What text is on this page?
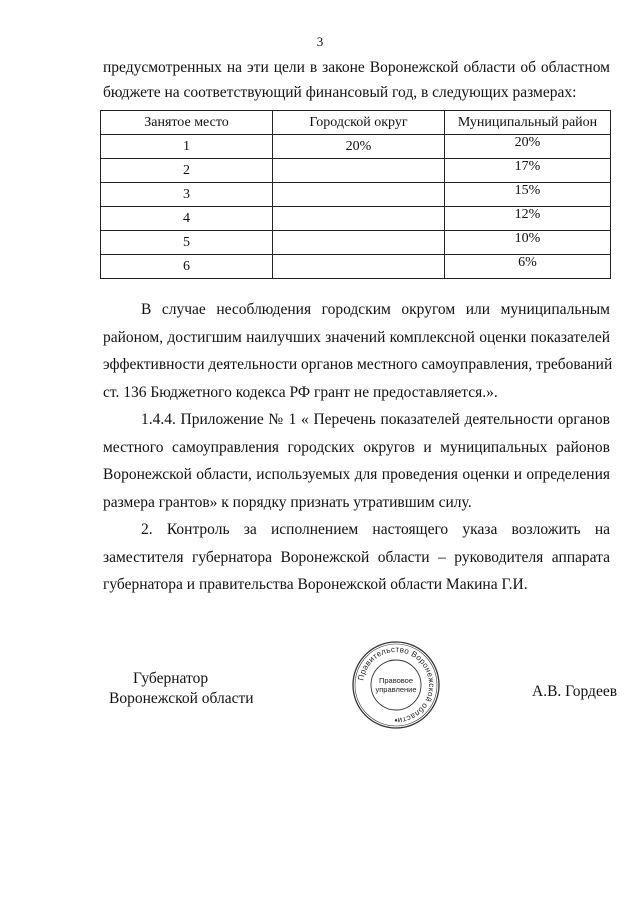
3
предусмотренных на эти цели в законе Воронежской области об областном
бюджете на соответствующий финансовый год, в следующих размерах:
Занятое место	Городской округ	Муниципальный район
1	20%	20%
2		17%
3		15%
4		12%
5		10%
6		6%
В случае несоблюдения городским округом или муниципальным
районом, достигшим наилучших значений комплексной оценки показателей
эффективности деятельности органов местного самоуправления, требований
ст. 136 Бюджетного кодекса РФ грант не предоставляется.».
1.4.4. Приложение № 1 « Перечень показателей деятельности органов
местного самоуправления городских округов и муниципальных районов
Воронежской области, используемых для проведения оценки и определения
размера грантов» к порядку признать утратившим силу.
2. Контроль за исполнением настоящего указа возложить на
заместителя губернатора Воронежской области – руководителя аппарата
губернатора и правительства Воронежской области Макина Г.И.
Губернатор
Воронежской области	А.В. Гордеев
Правительство Воронежской области
Правовое
управление
♦
